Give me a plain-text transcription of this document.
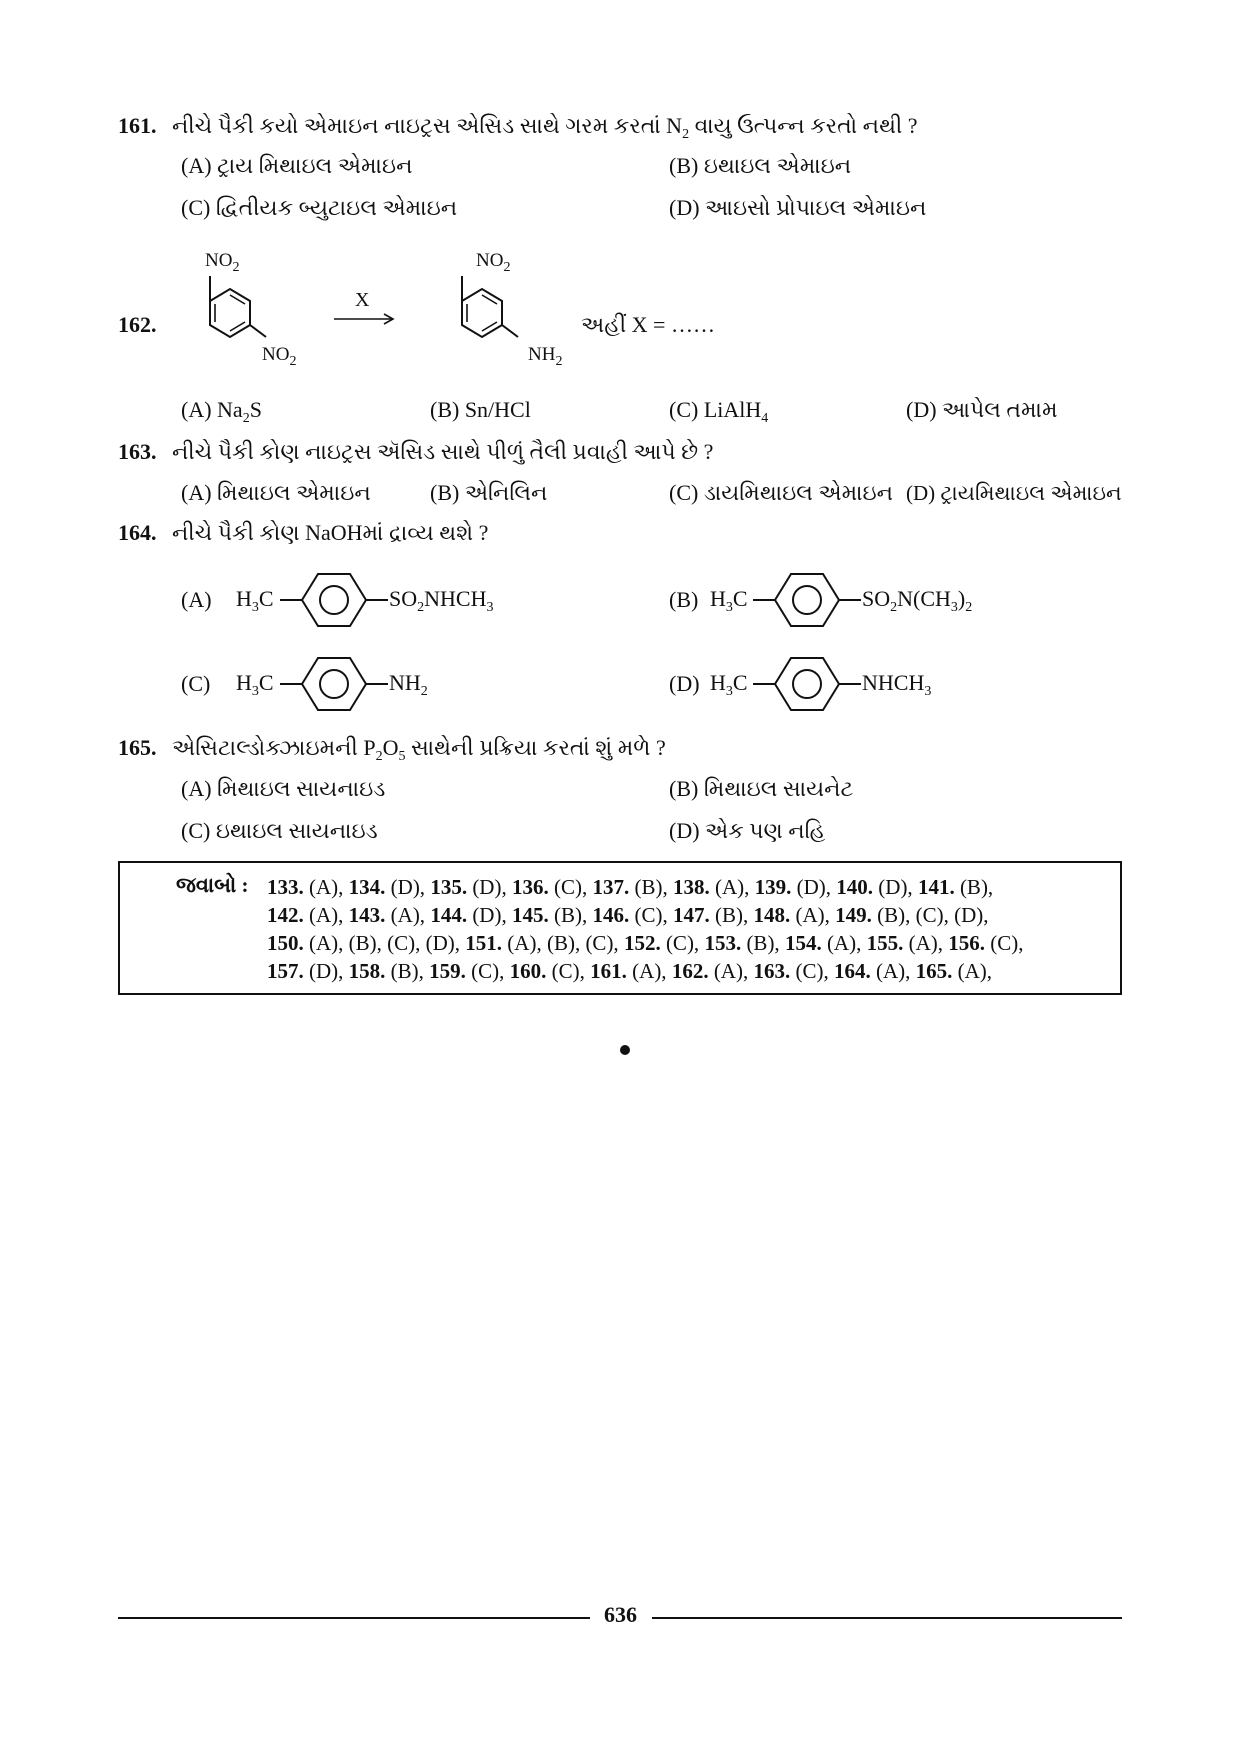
161. નીચે પૈકી કયો એમાઇન નાઇટ્રસ એસિડ સાથે ગરમ કરતાં $N_2$ વાયુ ઉત્પન્ન કરતો નથી ?
(A) ટ્રાય મિથાઇલ એમાઇન	(B) ઇથાઇલ એમાઇન
(C) દ્વિતીયક બ્યુટાઇલ એમાઇન	(D) આઇસો પ્રોપાઇલ એમાઇન
162.
$NO_2$
$NO_2$
X
$NO_2$
$NH_2$
અહીં X = ……
(A) $Na_2S$	(B) Sn/HCl	(C) LiAlH$_4$	(D) આપેલ તમામ
163. નીચે પૈકી કોણ નાઇટ્રસ ઍસિડ સાથે પીળું તૈલી પ્રવાહી આપે છે ?
(A) મિથાઇલ એમાઇન	(B) એનિલિન	(C) ડાયમિથાઇલ એમાઇન (D) ટ્રાયમિથાઇલ એમાઇન
164. નીચે પૈકી કોણ NaOHમાં દ્રાવ્ય થશે ?
(A) $H_3C$	$SO_2NHCH_3$	(B) $H_3C$	$SO_2N(CH_3)_2$
(C) $H_3C$	$NH_2$	(D) $H_3C$	$NHCH_3$
165. એસિટાલ્ડોક્ઝાઇમની $P_2O_5$ સાથેની પ્રક્રિયા કરતાં શું મળે ?
(A) મિથાઇલ સાયનાઇડ	(B) મિથાઇલ સાયનેટ
(C) ઇથાઇલ સાયનાઇડ	(D) એક પણ નહિ
જવાબો : 133. (A), 134. (D), 135. (D), 136. (C), 137. (B), 138. (A), 139. (D), 140. (D), 141. (B),
142. (A), 143. (A), 144. (D), 145. (B), 146. (C), 147. (B), 148. (A), 149. (B), (C), (D),
150. (A), (B), (C), (D), 151. (A), (B), (C), 152. (C), 153. (B), 154. (A), 155. (A), 156. (C),
157. (D), 158. (B), 159. (C), 160. (C), 161. (A), 162. (A), 163. (C), 164. (A), 165. (A),
636
